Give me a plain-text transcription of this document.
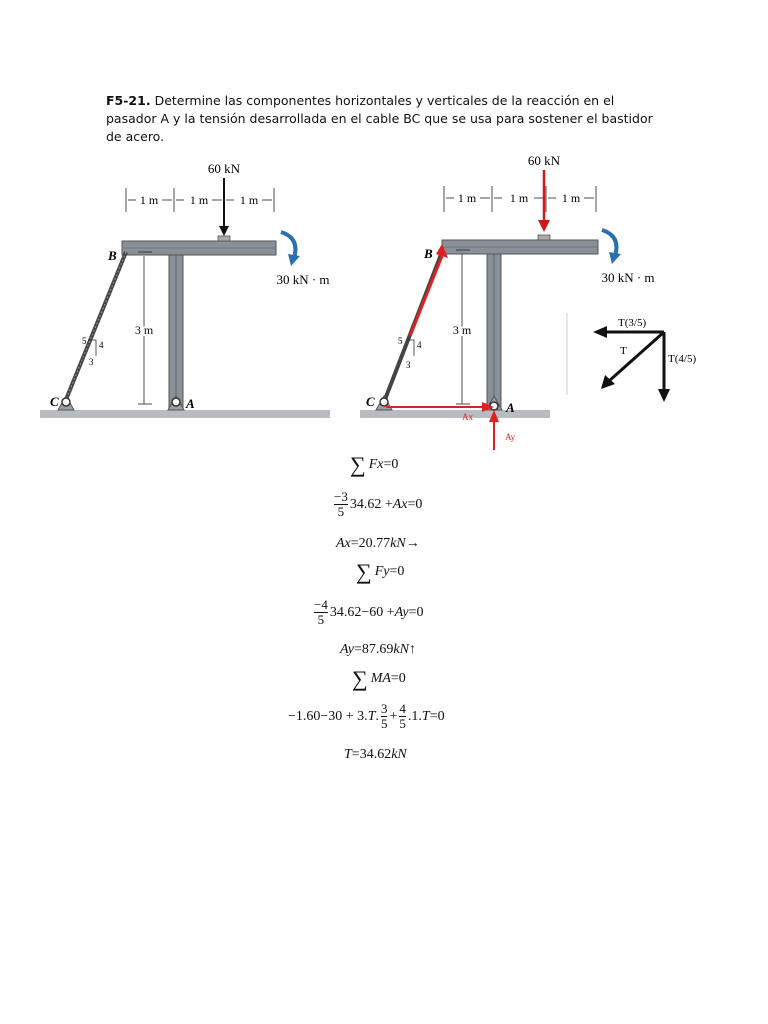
F5-21. Determine las componentes horizontales y verticales de la reacción en el pasador A y la tensión desarrollada en el cable BC que se usa para sostener el bastidor de acero.
1 m	1 m	1 m
60 kN
30 kN · m
3 m
5 4
3
B
C	A
1 m	1 m	1 m
60 kN
30 kN · m
3 m
5 4
3
B
C	A
Ax
Ay
T(3/5)
T
T(4/5)
∑ Fx =0
$\frac{-3}{5} 34.62 + Ax =0$
Ax =20.77 kN →
∑ Fy =0
$\frac{-4}{5} 34.62-60 + Ay =0$
Ay =87.69 kN ↑
∑ MA =0
−1.60−30 + 3. T . $\frac{3}{5} + \frac{4}{5} .1$. T =0
T =34.62 kN
